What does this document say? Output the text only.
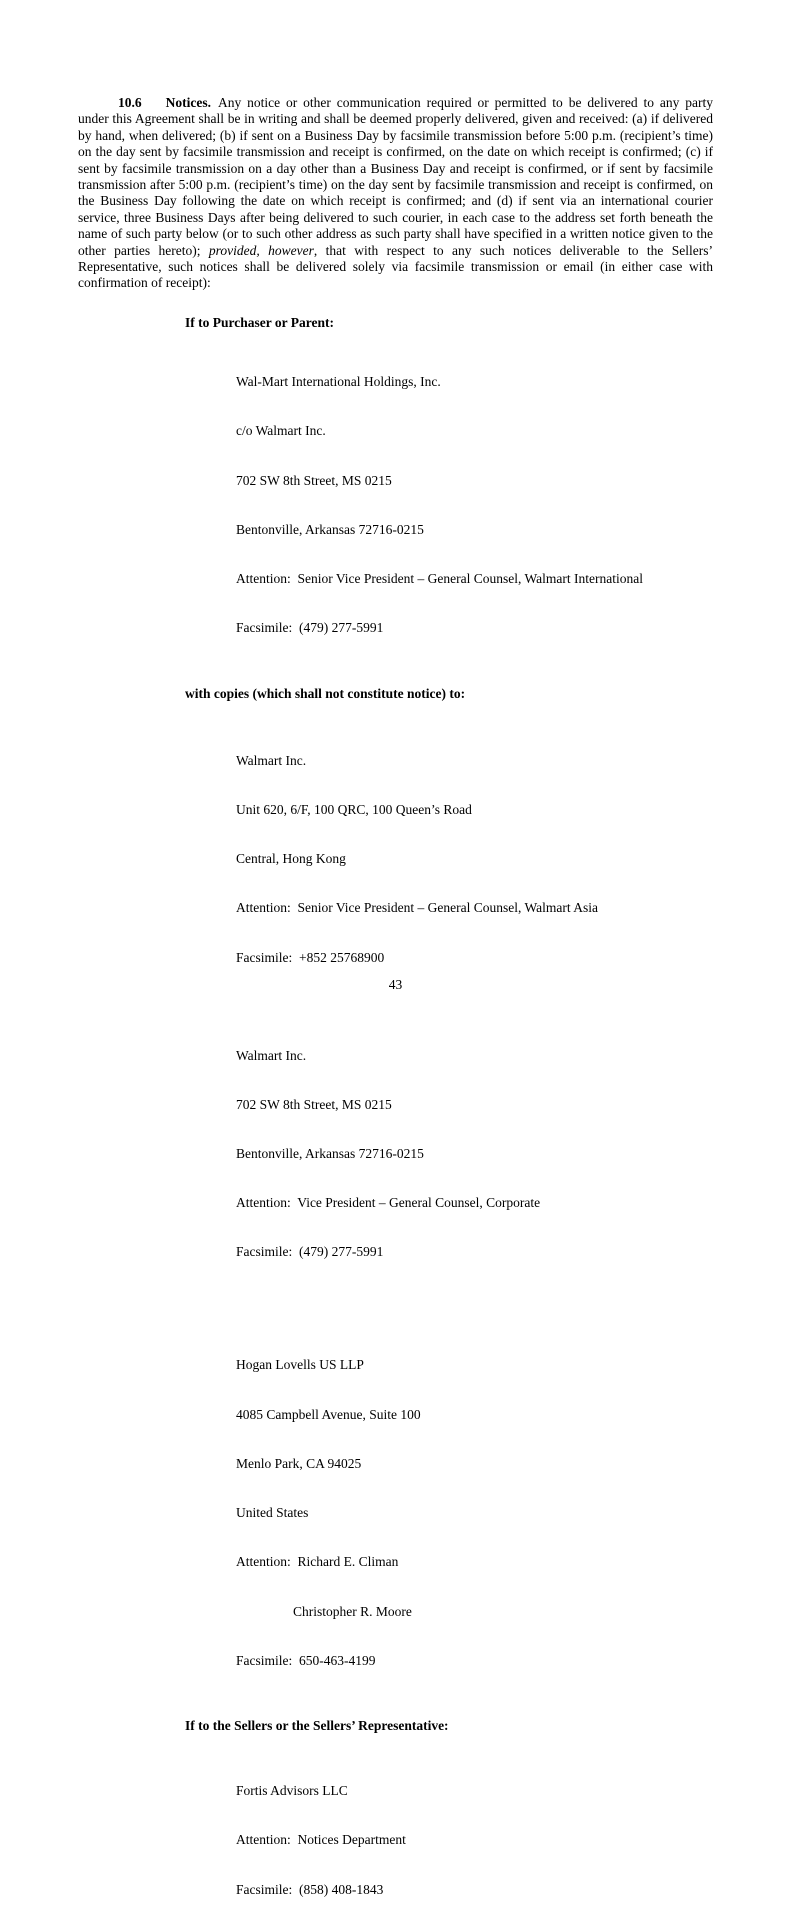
10.6 Notices. Any notice or other communication required or permitted to be delivered to any party under this Agreement shall be in writing and shall be deemed properly delivered, given and received: (a) if delivered by hand, when delivered; (b) if sent on a Business Day by facsimile transmission before 5:00 p.m. (recipient’s time) on the day sent by facsimile transmission and receipt is confirmed, on the date on which receipt is confirmed; (c) if sent by facsimile transmission on a day other than a Business Day and receipt is confirmed, or if sent by facsimile transmission after 5:00 p.m. (recipient’s time) on the day sent by facsimile transmission and receipt is confirmed, on the Business Day following the date on which receipt is confirmed; and (d) if sent via an international courier service, three Business Days after being delivered to such courier, in each case to the address set forth beneath the name of such party below (or to such other address as such party shall have specified in a written notice given to the other parties hereto); provided, however, that with respect to any such notices deliverable to the Sellers’ Representative, such notices shall be delivered solely via facsimile transmission or email (in either case with confirmation of receipt):

If to Purchaser or Parent:

Wal-Mart International Holdings, Inc.

c/o Walmart Inc.

702 SW 8th Street, MS 0215

Bentonville, Arkansas 72716-0215

Attention:  Senior Vice President – General Counsel, Walmart International

Facsimile:  (479) 277-5991

with copies (which shall not constitute notice) to:

Walmart Inc.

Unit 620, 6/F, 100 QRC, 100 Queen’s Road

Central, Hong Kong

Attention:  Senior Vice President – General Counsel, Walmart Asia

Facsimile:  +852 25768900

Walmart Inc.

702 SW 8th Street, MS 0215

Bentonville, Arkansas 72716-0215

Attention:  Vice President – General Counsel, Corporate

Facsimile:  (479) 277-5991

Hogan Lovells US LLP

4085 Campbell Avenue, Suite 100

Menlo Park, CA 94025

United States

Attention:  Richard E. Climan

Christopher R. Moore

Facsimile:  650-463-4199

If to the Sellers or the Sellers’ Representative:

Fortis Advisors LLC

Attention:  Notices Department

Facsimile:  (858) 408-1843

43
